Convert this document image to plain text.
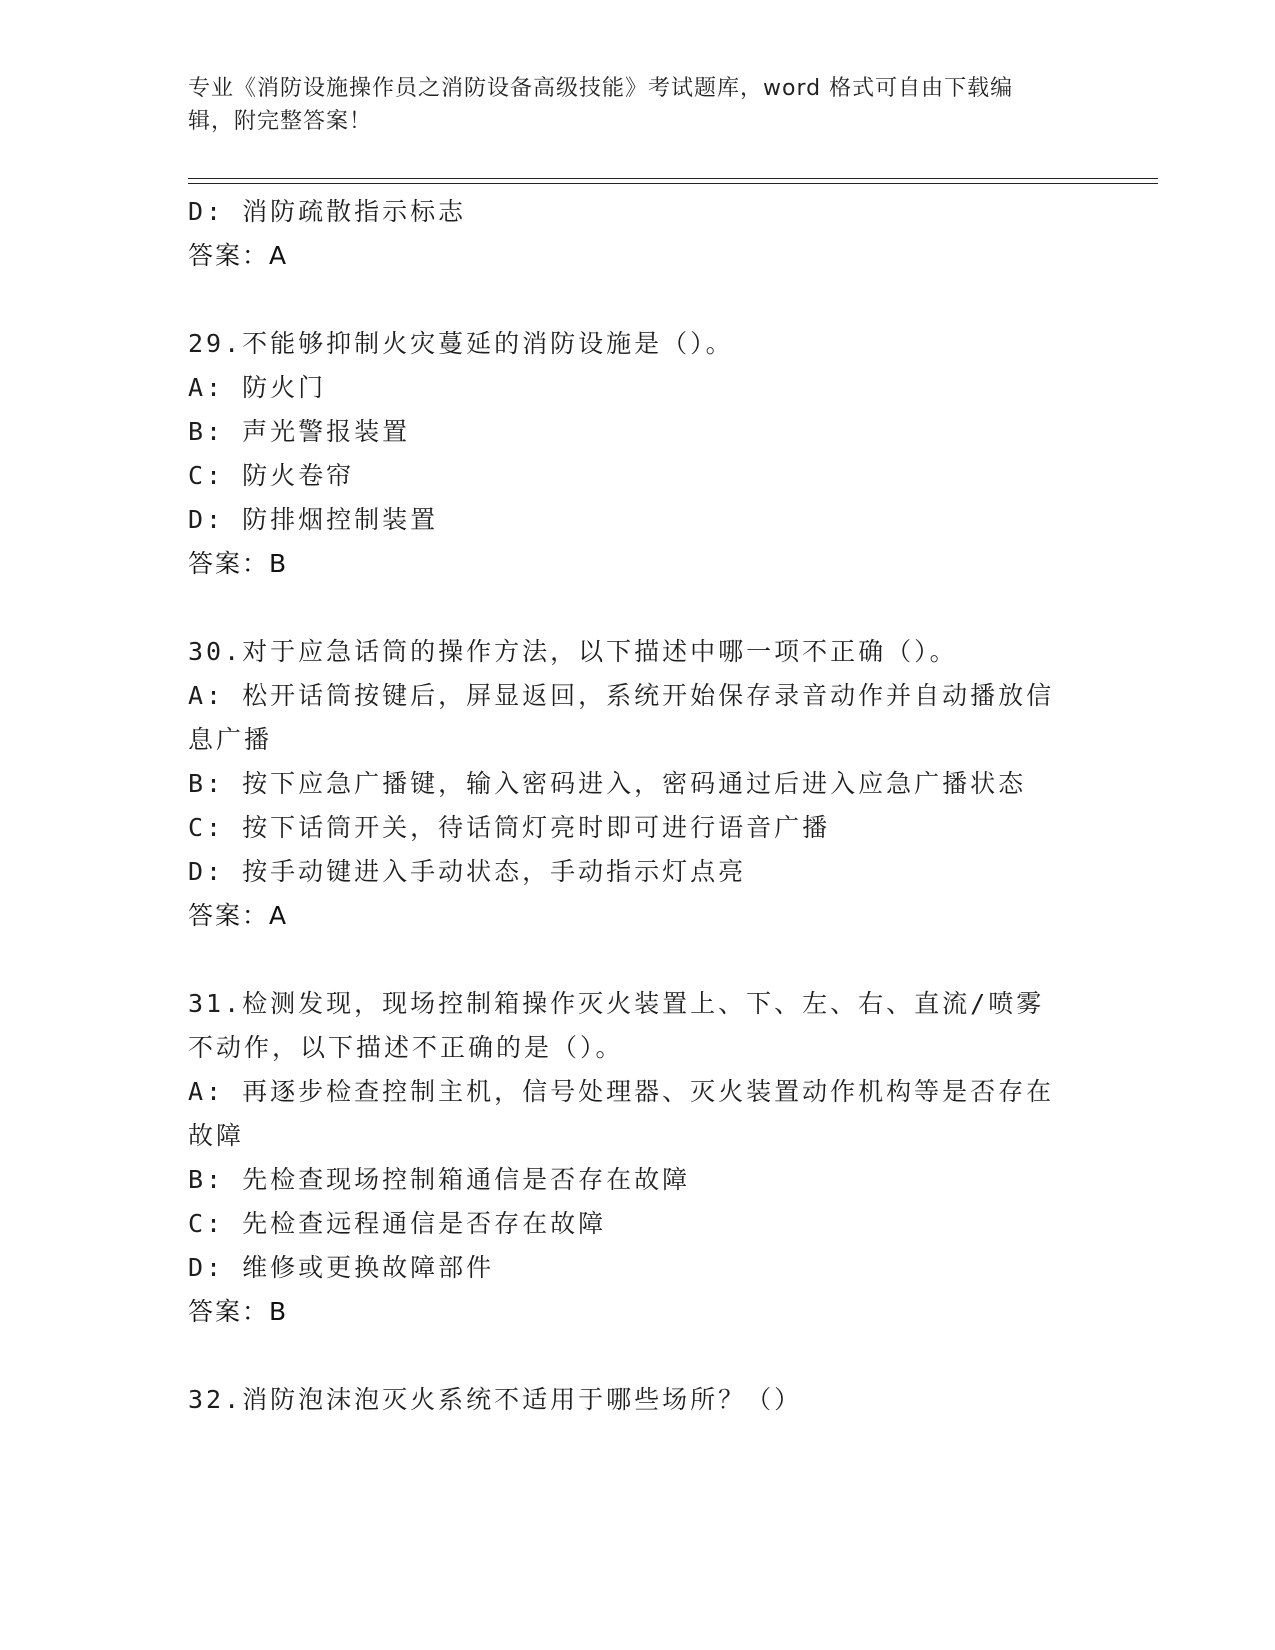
专业《消防设施操作员之消防设备高级技能》考试题库，word 格式可自由下载编
辑，附完整答案！
D: 消防疏散指示标志
答案：A
29.不能够抑制火灾蔓延的消防设施是（）。
A: 防火门
B: 声光警报装置
C: 防火卷帘
D: 防排烟控制装置
答案：B
30.对于应急话筒的操作方法，以下描述中哪一项不正确（）。
A: 松开话筒按键后，屏显返回，系统开始保存录音动作并自动播放信
息广播
B: 按下应急广播键，输入密码进入，密码通过后进入应急广播状态
C: 按下话筒开关，待话筒灯亮时即可进行语音广播
D: 按手动键进入手动状态，手动指示灯点亮
答案：A
31.检测发现，现场控制箱操作灭火装置上、下、左、右、直流/喷雾
不动作，以下描述不正确的是（）。
A: 再逐步检查控制主机，信号处理器、灭火装置动作机构等是否存在
故障
B: 先检查现场控制箱通信是否存在故障
C: 先检查远程通信是否存在故障
D: 维修或更换故障部件
答案：B
32.消防泡沫泡灭火系统不适用于哪些场所？（）
